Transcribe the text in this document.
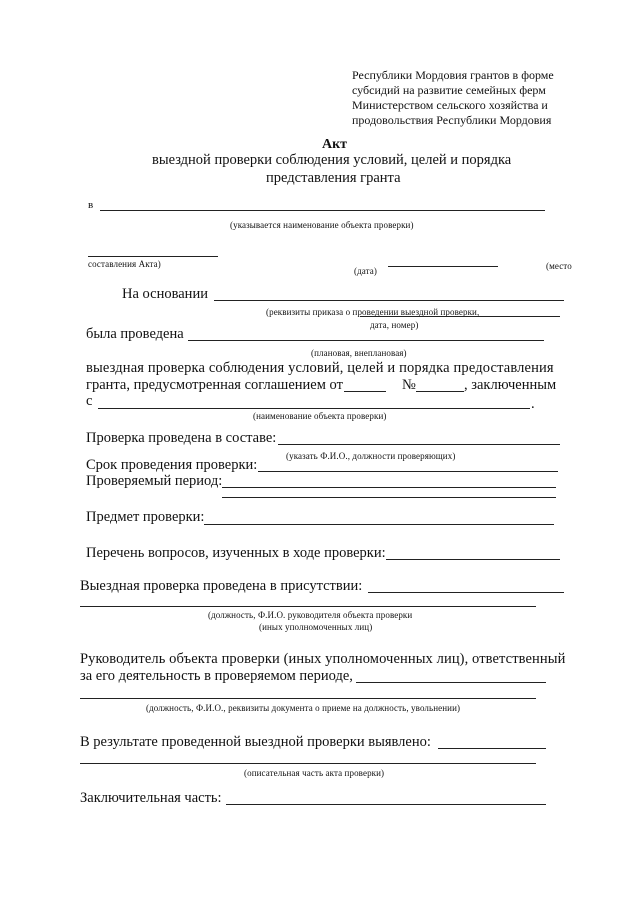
Республики Мордовия грантов в форме
субсидий на развитие семейных ферм
Министерством сельского хозяйства и
продовольствия Республики Мордовия
Акт
выездной проверки соблюдения условий, целей и порядка
представления гранта
в
(указывается наименование объекта проверки)
составления Акта)
(дата)	(место
На основании
(реквизиты приказа о проведении выездной проверки,
дата, номер)
была проведена
(плановая, внеплановая)
выездная проверка соблюдения условий, целей и порядка предоставления
гранта, предусмотренная соглашением от	№	, заключенным
с	.
(наименование объекта проверки)
Проверка проведена в составе:
(указать Ф.И.О., должности проверяющих)
Срок проведения проверки:
Проверяемый период:
Предмет проверки:
Перечень вопросов, изученных в ходе проверки:
Выездная проверка проведена в присутствии:
(должность, Ф.И.О. руководителя объекта проверки
(иных уполномоченных лиц)
Руководитель объекта проверки (иных уполномоченных лиц), ответственный
за его деятельность в проверяемом периоде,
(должность, Ф.И.О., реквизиты документа о приеме на должность, увольнении)
В результате проведенной выездной проверки выявлено:
(описательная часть акта проверки)
Заключительная часть:
